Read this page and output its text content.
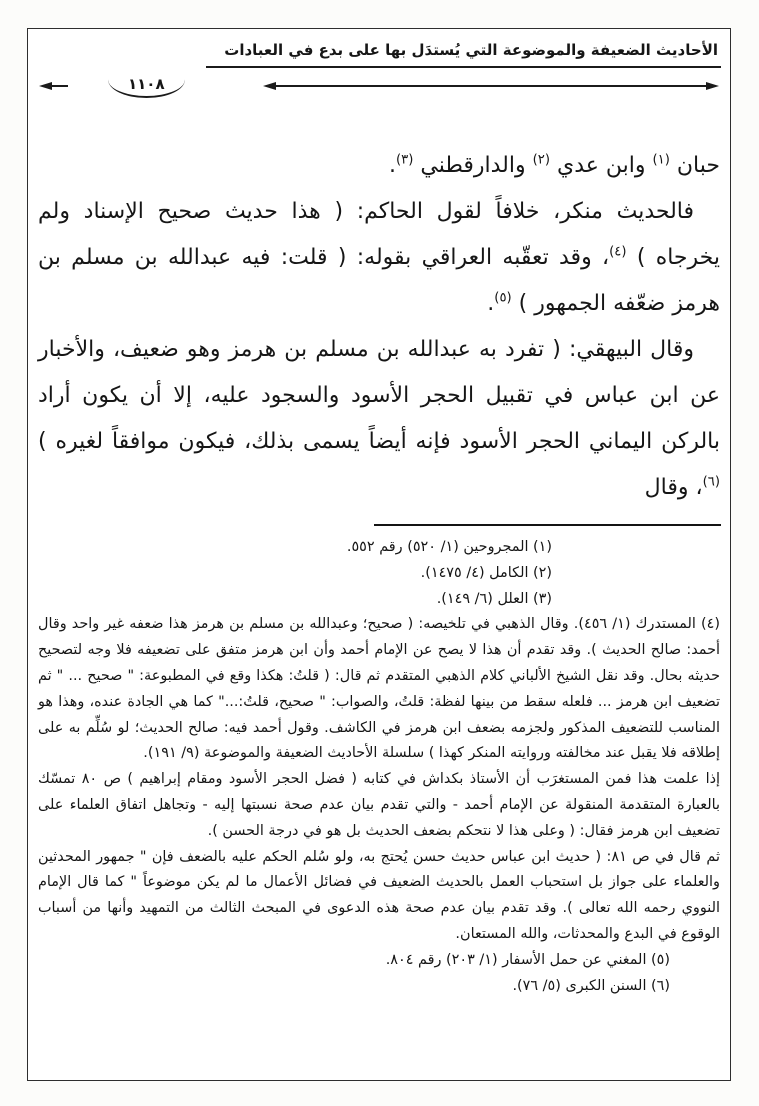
الأحاديث الضعيفة والموضوعة التي يُستدَل بها على بدع في العبادات
١١٠٨

حبان $^{(١)}$ وابن عدي $^{(٢)}$ والدارقطني $^{(٣)}$.

فالحديث منكر، خلافاً لقول الحاكم: ( هذا حديث صحيح الإسناد ولم يخرجاه ) $^{(٤)}$، وقد تعقّبه العراقي بقوله: ( قلت: فيه عبدالله بن مسلم بن هرمز ضعّفه الجمهور ) $^{(٥)}$.

وقال البيهقي: ( تفرد به عبدالله بن مسلم بن هرمز وهو ضعيف، والأخبار عن ابن عباس في تقبيل الحجر الأسود والسجود عليه، إلا أن يكون أراد بالركن اليماني الحجر الأسود فإنه أيضاً يسمى بذلك، فيكون موافقاً لغيره ) $^{(٦)}$، وقال

(١) المجروحين (١/ ٥٢٠) رقم ٥٥٢.

(٢) الكامل (٤/ ١٤٧٥).

(٣) العلل (٦/ ١٤٩).

(٤) المستدرك (١/ ٤٥٦). وقال الذهبي في تلخيصه: ( صحيح؛ وعبدالله بن مسلم بن هرمز هذا ضعفه غير واحد وقال أحمد: صالح الحديث ). وقد تقدم أن هذا لا يصح عن الإمام أحمد وأن ابن هرمز متفق على تضعيفه فلا وجه لتصحيح حديثه بحال. وقد نقل الشيخ الألباني كلام الذهبي المتقدم ثم قال: ( قلتُ: هكذا وقع في المطبوعة: " صحيح ... " ثم تضعيف ابن هرمز ... فلعله سقط من بينها لفظة: قلتُ، والصواب: " صحيح، قلتُ:..." كما هي الجادة عنده، وهذا هو المناسب للتضعيف المذكور ولجزمه بضعف ابن هرمز في الكاشف. وقول أحمد فيه: صالح الحديث؛ لو سُلِّم به على إطلاقه فلا يقبل عند مخالفته وروايته المنكر كهذا ) سلسلة الأحاديث الضعيفة والموضوعة (٩/ ١٩١).

إذا علمت هذا فمن المستغرَب أن الأستاذ بكداش في كتابه ( فضل الحجر الأسود ومقام إبراهيم ) ص ٨٠ تمسّك بالعبارة المتقدمة المنقولة عن الإمام أحمد - والتي تقدم بيان عدم صحة نسبتها إليه - وتجاهل اتفاق العلماء على تضعيف ابن هرمز فقال: ( وعلى هذا لا نتحكم بضعف الحديث بل هو في درجة الحسن ).

ثم قال في ص ٨١: ( حديث ابن عباس حديث حسن يُحتج به، ولو سُلم الحكم عليه بالضعف فإن " جمهور المحدثين والعلماء على جواز بل استحباب العمل بالحديث الضعيف في فضائل الأعمال ما لم يكن موضوعاً " كما قال الإمام النووي رحمه الله تعالى ). وقد تقدم بيان عدم صحة هذه الدعوى في المبحث الثالث من التمهيد وأنها من أسباب الوقوع في البدع والمحدثات، والله المستعان.

(٥) المغني عن حمل الأسفار (١/ ٢٠٣) رقم ٨٠٤.

(٦) السنن الكبرى (٥/ ٧٦).
